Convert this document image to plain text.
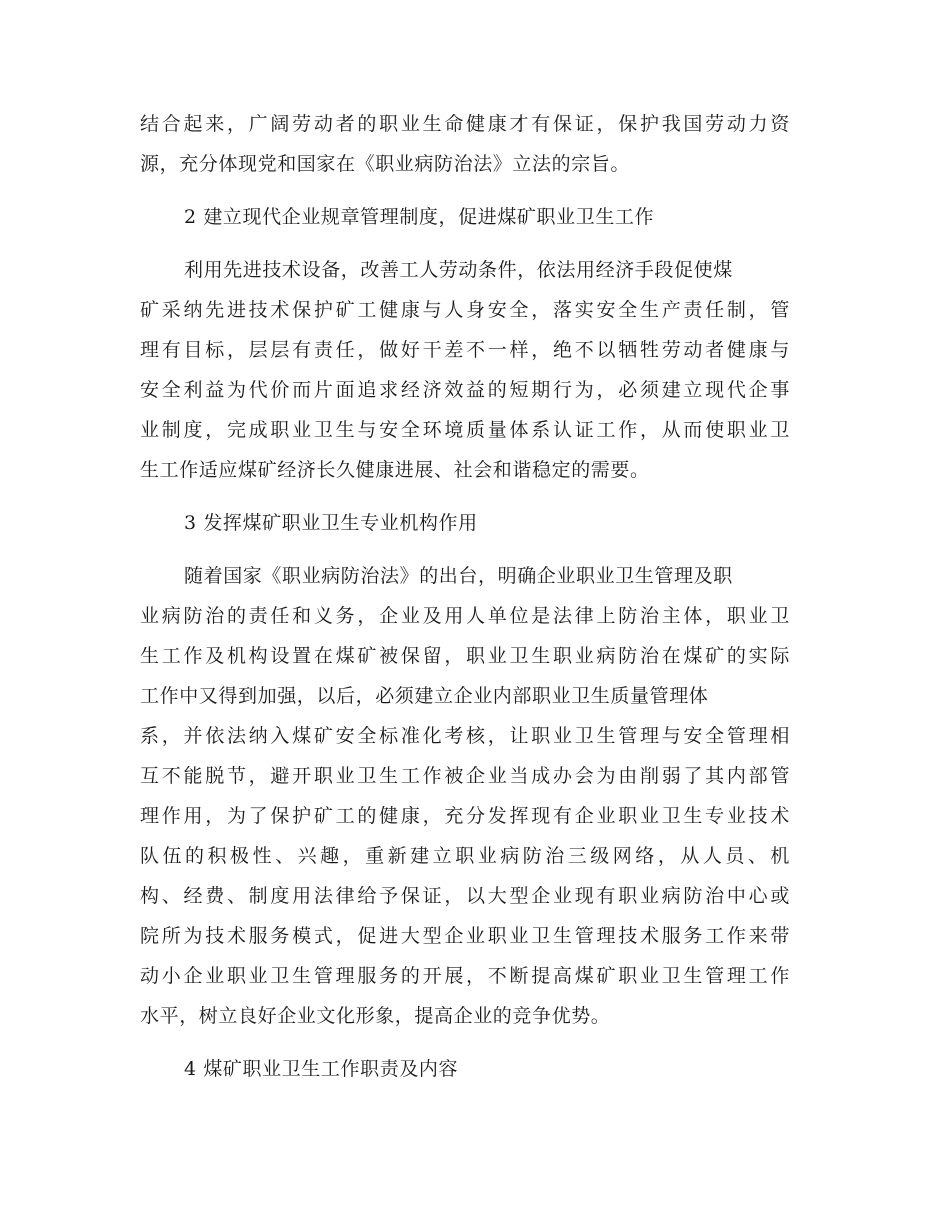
结合起来，广阔劳动者的职业生命健康才有保证，保护我国劳动力资
源，充分体现党和国家在《职业病防治法》立法的宗旨。
2 建立现代企业规章管理制度，促进煤矿职业卫生工作
利用先进技术设备，改善工人劳动条件，依法用经济手段促使煤
矿采纳先进技术保护矿工健康与人身安全，落实安全生产责任制，管
理有目标，层层有责任，做好干差不一样，绝不以牺牲劳动者健康与
安全利益为代价而片面追求经济效益的短期行为，必须建立现代企事
业制度，完成职业卫生与安全环境质量体系认证工作，从而使职业卫
生工作适应煤矿经济长久健康进展、社会和谐稳定的需要。
3 发挥煤矿职业卫生专业机构作用
随着国家《职业病防治法》的出台，明确企业职业卫生管理及职
业病防治的责任和义务，企业及用人单位是法律上防治主体，职业卫
生工作及机构设置在煤矿被保留，职业卫生职业病防治在煤矿的实际
工作中又得到加强，以后，必须建立企业内部职业卫生质量管理体
系，并依法纳入煤矿安全标准化考核，让职业卫生管理与安全管理相
互不能脱节，避开职业卫生工作被企业当成办会为由削弱了其内部管
理作用，为了保护矿工的健康，充分发挥现有企业职业卫生专业技术
队伍的积极性、兴趣，重新建立职业病防治三级网络，从人员、机
构、经费、制度用法律给予保证，以大型企业现有职业病防治中心或
院所为技术服务模式，促进大型企业职业卫生管理技术服务工作来带
动小企业职业卫生管理服务的开展，不断提高煤矿职业卫生管理工作
水平，树立良好企业文化形象，提高企业的竞争优势。
4 煤矿职业卫生工作职责及内容
